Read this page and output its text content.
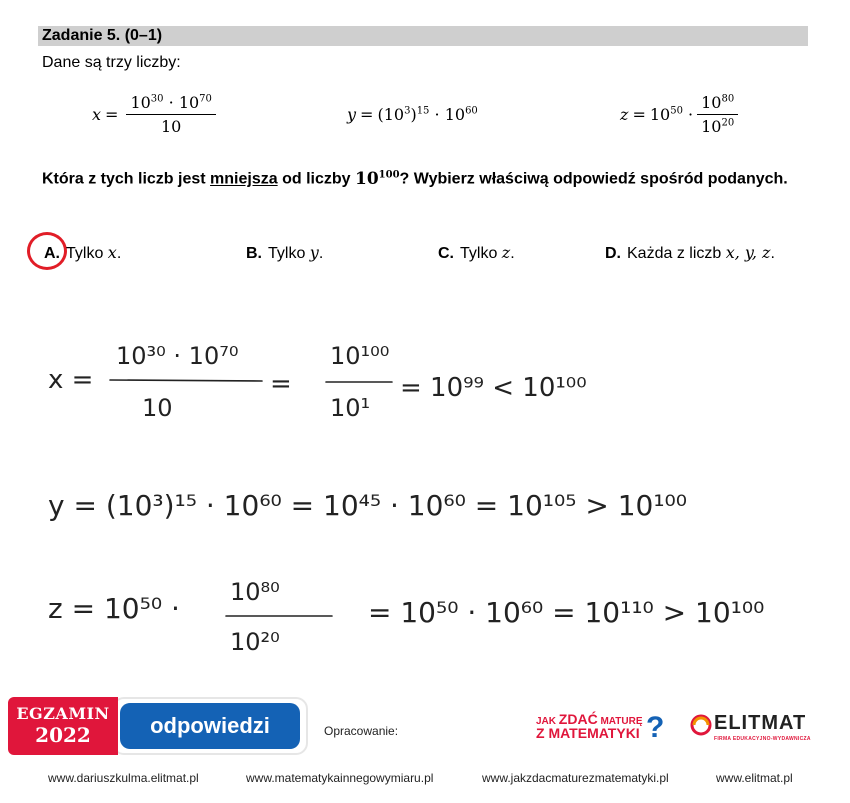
Zadanie 5. (0–1)
Dane są trzy liczby:
$x = \frac{10^{30} \cdot 10^{70}}{10}$	$y = (10^3)^{15} \cdot 10^{60}$	$z = 10^{50} \cdot \frac{10^{80}}{10^{20}}$
Która z tych liczb jest mniejsza od liczby $10^{100}$? Wybierz właściwą odpowiedź spośród podanych.
A. Tylko x.	B. Tylko y.	C. Tylko z.	D. Każda z liczb x, y, z.
x =
10³⁰ · 10⁷⁰
10
=
10¹⁰⁰
10¹
= 10⁹⁹ < 10¹⁰⁰
y = (10³)¹⁵ · 10⁶⁰ = 10⁴⁵ · 10⁶⁰ = 10¹⁰⁵ > 10¹⁰⁰
z = 10⁵⁰ · 10⁸⁰
10²⁰
= 10⁵⁰ · 10⁶⁰ = 10¹¹⁰ > 10¹⁰⁰
EGZAMIN
2022	odpowiedzi	Opracowanie:
JAK ZDAĆ MATURĘ
Z MATEMATYKI ? ELITMAT
FIRMA EDUKACYJNO-WYDAWNICZA
www.dariuszkulma.elitmat.pl	www.matematykainnegowymiaru.pl	www.jakzdacmaturezmatematyki.pl	www.elitmat.pl
